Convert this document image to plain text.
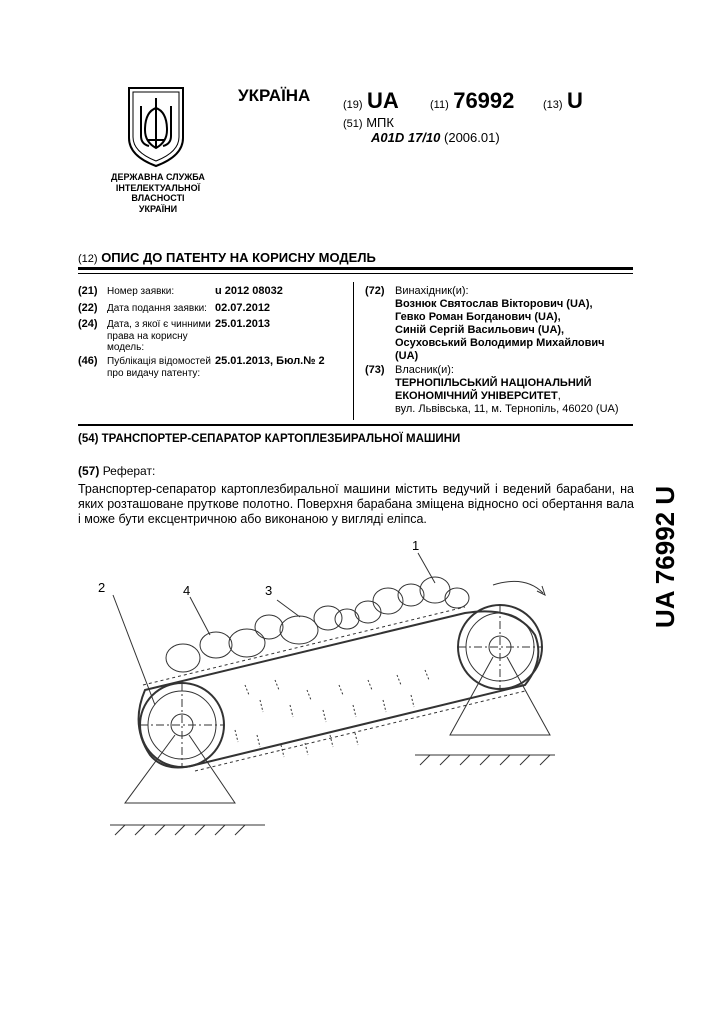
ДЕРЖАВНА СЛУЖБА
ІНТЕЛЕКТУАЛЬНОЇ
ВЛАСНОСТІ
УКРАЇНИ
УКРАЇНА	(19) UA	(11) 76992	(13) U
(51) МПК
A01D 17/10 (2006.01)
(12) ОПИС ДО ПАТЕНТУ НА КОРИСНУ МОДЕЛЬ
(21) Номер заявки:	u 2012 08032
(22) Дата подання заявки: 02.07.2012
(24) Дата, з якої є чинними права на корисну модель:
25.01.2013
(46) Публікація відомостей про видачу патенту:
25.01.2013, Бюл.№ 2
(72) Винахідник(и):
Вознюк Святослав Вікторович (UA),
Гевко Роман Богданович (UA),
Синій Сергій Васильович (UA),
Осуховський Володимир Михайлович
(UA)
(73) Власник(и):
ТЕРНОПІЛЬСЬКИЙ НАЦІОНАЛЬНИЙ
ЕКОНОМІЧНИЙ УНІВЕРСИТЕТ,
вул. Львівська, 11, м. Тернопіль, 46020 (UA)
(54) ТРАНСПОРТЕР-СЕПАРАТОР КАРТОПЛЕЗБИРАЛЬНОЇ МАШИНИ
(57) Реферат:
Транспортер-сепаратор картоплезбиральної машини містить ведучий і ведений барабани, на яких розташоване пруткове полотно. Поверхня барабана зміщена відносно осі обертання вала і може бути ексцентричною або виконаною у вигляді еліпса.
1
2	3
4	UA 76992 U
